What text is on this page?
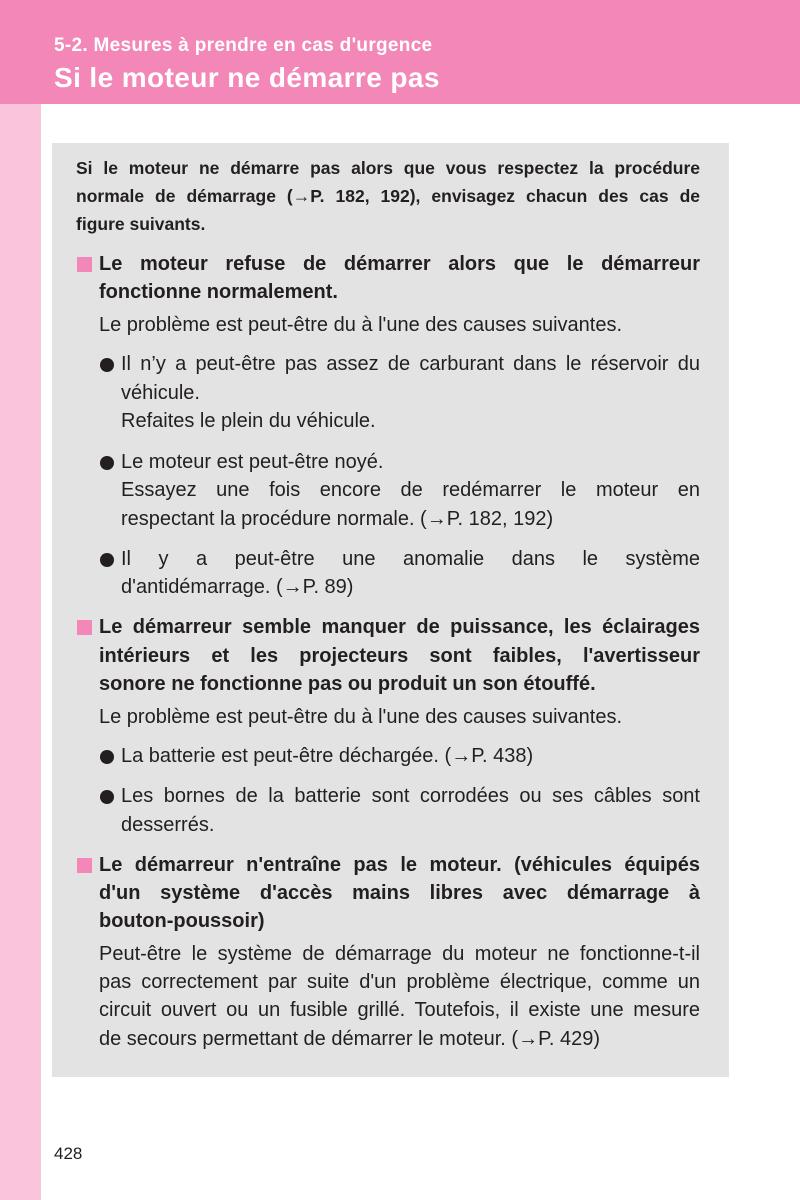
5-2. Mesures à prendre en cas d'urgence
Si le moteur ne démarre pas
Si le moteur ne démarre pas alors que vous respectez la procédure
normale de démarrage (→P. 182, 192), envisagez chacun des cas de
figure suivants.
Le moteur refuse de démarrer alors que le démarreur
fonctionne normalement.
Le problème est peut-être du à l'une des causes suivantes.
Il n’y a peut-être pas assez de carburant dans le réservoir du
véhicule.
Refaites le plein du véhicule.
Le moteur est peut-être noyé.
Essayez une fois encore de redémarrer le moteur en
respectant la procédure normale. (→P. 182, 192)
Il y a peut-être une anomalie dans le système
d'antidémarrage. (→P. 89)
Le démarreur semble manquer de puissance, les éclairages
intérieurs et les projecteurs sont faibles, l'avertisseur
sonore ne fonctionne pas ou produit un son étouffé.
Le problème est peut-être du à l'une des causes suivantes.
La batterie est peut-être déchargée. (→P. 438)
Les bornes de la batterie sont corrodées ou ses câbles sont
desserrés.
Le démarreur n'entraîne pas le moteur. (véhicules équipés
d'un système d'accès mains libres avec démarrage à
bouton-poussoir)
Peut-être le système de démarrage du moteur ne fonctionne-t-il
pas correctement par suite d'un problème électrique, comme un
circuit ouvert ou un fusible grillé. Toutefois, il existe une mesure
de secours permettant de démarrer le moteur. (→P. 429)
428
